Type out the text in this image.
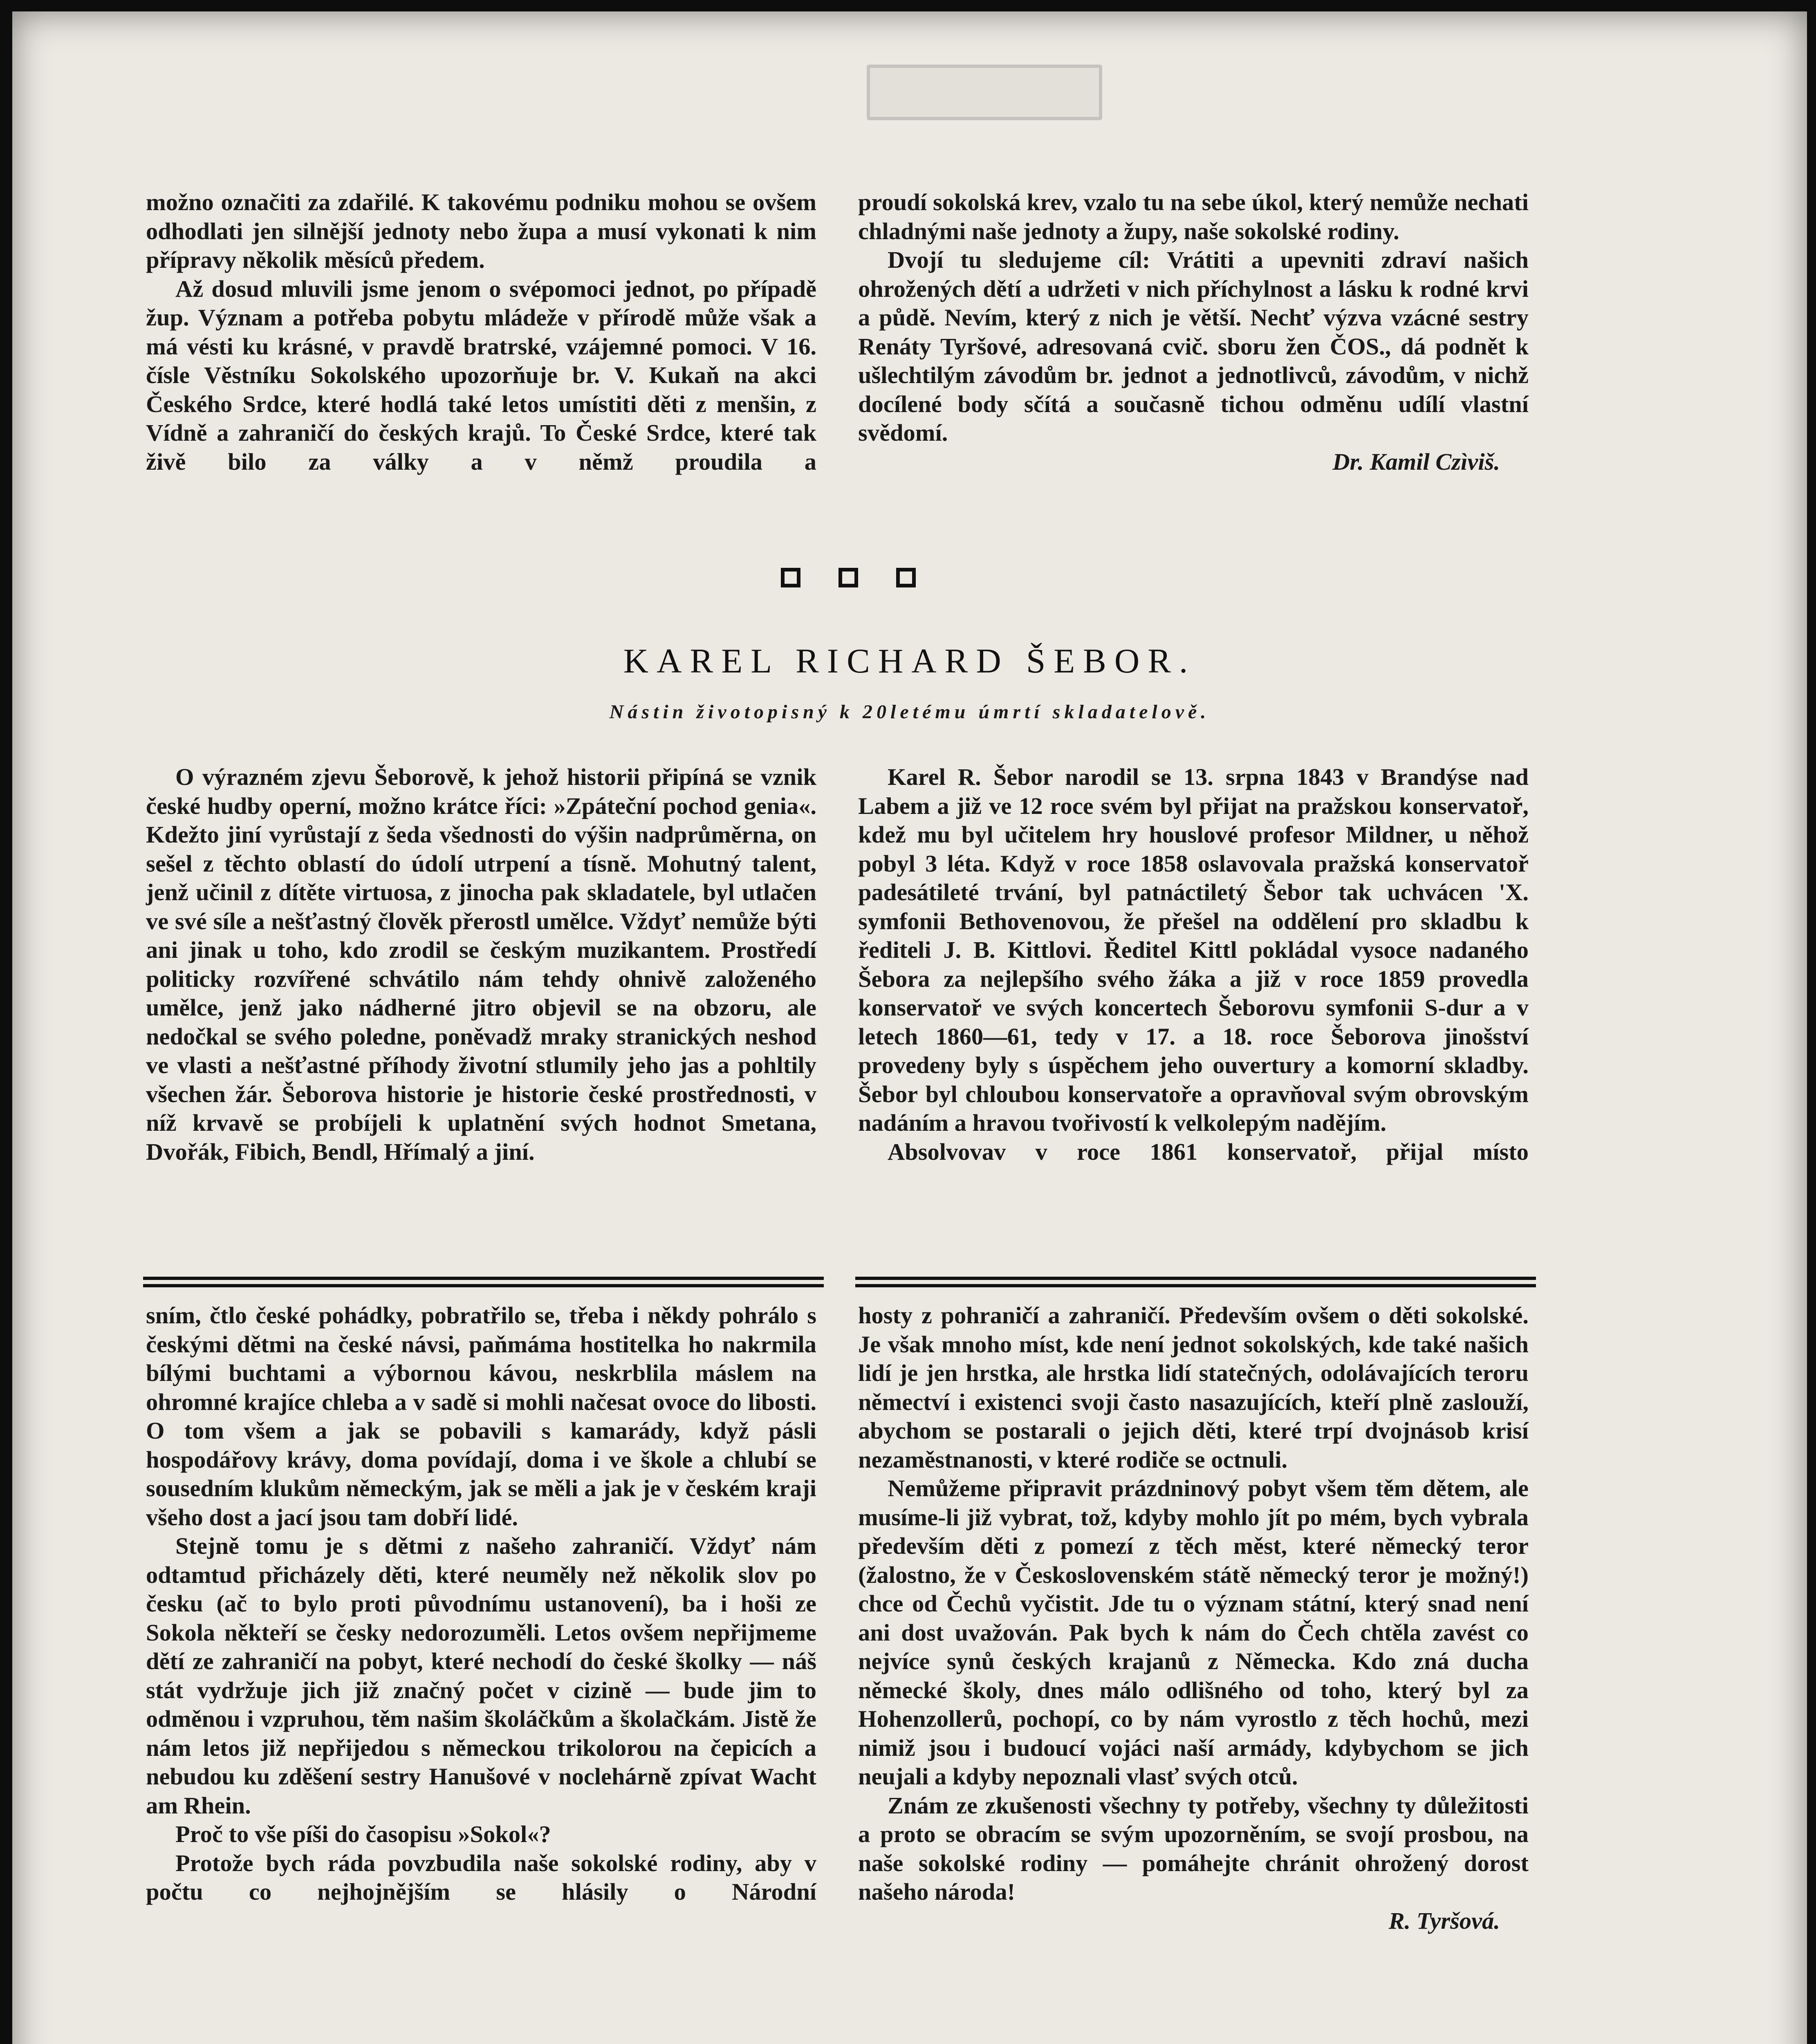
možno označiti za zdařilé. K takovému podniku mohou se ovšem odhodlati jen silnější jednoty nebo župa a musí vykonati k nim přípravy několik měsíců předem.

Až dosud mluvili jsme jenom o svépomoci jednot, po případě žup. Význam a potřeba pobytu mládeže v přírodě může však a má vésti ku krásné, v pravdě bratrské, vzájemné pomoci. V 16. čísle Věstníku Sokolského upozorňuje br. V. Kukaň na akci Českého Srdce, které hodlá také letos umístiti děti z menšin, z Vídně a zahraničí do českých krajů. To České Srdce, které tak živě bilo za války a v němž proudila a

proudí sokolská krev, vzalo tu na sebe úkol, který nemůže nechati chladnými naše jednoty a župy, naše sokolské rodiny.

Dvojí tu sledujeme cíl: Vrátiti a upevniti zdraví našich ohrožených dětí a udržeti v nich příchylnost a lásku k rodné krvi a půdě. Nevím, který z nich je větší. Nechť výzva vzácné sestry Renáty Tyršové, adresovaná cvič. sboru žen ČOS., dá podnět k ušlechtilým závodům br. jednot a jednotlivců, závodům, v nichž docílené body sčítá a současně tichou odměnu udílí vlastní svědomí.

Dr. Kamil Czìviš.

KAREL RICHARD ŠEBOR.
Nástin životopisný k 20letému úmrtí skladatelově.

O výrazném zjevu Šeborově, k jehož historii připíná se vznik české hudby operní, možno krátce říci: »Zpáteční pochod genia«. Kdežto jiní vyrůstají z šeda všednosti do výšin nadprůměrna, on sešel z těchto oblastí do údolí utrpení a tísně. Mohutný talent, jenž učinil z dítěte virtuosa, z jinocha pak skladatele, byl utlačen ve své síle a nešťastný člověk přerostl umělce. Vždyť nemůže býti ani jinak u toho, kdo zrodil se českým muzikantem. Prostředí politicky rozvířené schvátilo nám tehdy ohnivě založeného umělce, jenž jako nádherné jitro objevil se na obzoru, ale nedočkal se svého poledne, poněvadž mraky stranických neshod ve vlasti a nešťastné příhody životní stlumily jeho jas a pohltily všechen žár. Šeborova historie je historie české prostřednosti, v níž krvavě se probíjeli k uplatnění svých hodnot Smetana, Dvořák, Fibich, Bendl, Hřímalý a jiní.

Karel R. Šebor narodil se 13. srpna 1843 v Brandýse nad Labem a již ve 12 roce svém byl přijat na pražskou konservatoř, kdež mu byl učitelem hry houslové profesor Mildner, u něhož pobyl 3 léta. Když v roce 1858 oslavovala pražská konservatoř padesátileté trvání, byl patnáctiletý Šebor tak uchvácen 'X. symfonii Bethovenovou, že přešel na oddělení pro skladbu k řediteli J. B. Kittlovi. Ředitel Kittl pokládal vysoce nadaného Šebora za nejlepšího svého žáka a již v roce 1859 provedla konservatoř ve svých koncertech Šeborovu symfonii S-dur a v letech 1860—61, tedy v 17. a 18. roce Šeborova jinošství provedeny byly s úspěchem jeho ouvertury a komorní skladby. Šebor byl chloubou konservatoře a opravňoval svým obrovským nadáním a hravou tvořivostí k velkolepým nadějím.

Absolvovav v roce 1861 konservatoř, přijal místo

sním, čtlo české pohádky, pobratřilo se, třeba i někdy pohrálo s českými dětmi na české návsi, paňmáma hostitelka ho nakrmila bílými buchtami a výbornou kávou, neskrblila máslem na ohromné krajíce chleba a v sadě si mohli načesat ovoce do libosti. O tom všem a jak se pobavili s kamarády, když pásli hospodářovy krávy, doma povídají, doma i ve škole a chlubí se sousedním klukům německým, jak se měli a jak je v českém kraji všeho dost a jací jsou tam dobří lidé.

Stejně tomu je s dětmi z našeho zahraničí. Vždyť nám odtamtud přicházely děti, které neuměly než několik slov po česku (ač to bylo proti původnímu ustanovení), ba i hoši ze Sokola někteří se česky nedorozuměli. Letos ovšem nepřijmeme dětí ze zahraničí na pobyt, které nechodí do české školky — náš stát vydržuje jich již značný počet v cizině — bude jim to odměnou i vzpruhou, těm našim školáčkům a školačkám. Jistě že nám letos již nepřijedou s německou trikolorou na čepicích a nebudou ku zděšení sestry Hanušové v noclehárně zpívat Wacht am Rhein.

Proč to vše píši do časopisu »Sokol«?

Protože bych ráda povzbudila naše sokolské rodiny, aby v počtu co nejhojnějším se hlásily o Národní

hosty z pohraničí a zahraničí. Především ovšem o děti sokolské. Je však mnoho míst, kde není jednot sokolských, kde také našich lidí je jen hrstka, ale hrstka lidí statečných, odolávajících teroru němectví i existenci svoji často nasazujících, kteří plně zaslouží, abychom se postarali o jejich děti, které trpí dvojnásob krisí nezaměstnanosti, v které rodiče se octnuli.

Nemůžeme připravit prázdninový pobyt všem těm dětem, ale musíme-li již vybrat, tož, kdyby mohlo jít po mém, bych vybrala především děti z pomezí z těch měst, které německý teror (žalostno, že v Československém státě německý teror je možný!) chce od Čechů vyčistit. Jde tu o význam státní, který snad není ani dost uvažován. Pak bych k nám do Čech chtěla zavést co nejvíce synů českých krajanů z Německa. Kdo zná ducha německé školy, dnes málo odlišného od toho, který byl za Hohenzollerů, pochopí, co by nám vyrostlo z těch hochů, mezi nimiž jsou i budoucí vojáci naší armády, kdybychom se jich neujali a kdyby nepoznali vlasť svých otců.

Znám ze zkušenosti všechny ty potřeby, všechny ty důležitosti a proto se obracím se svým upozorněním, se svojí prosbou, na naše sokolské rodiny — pomáhejte chránit ohrožený dorost našeho národa!

R. Tyršová.
